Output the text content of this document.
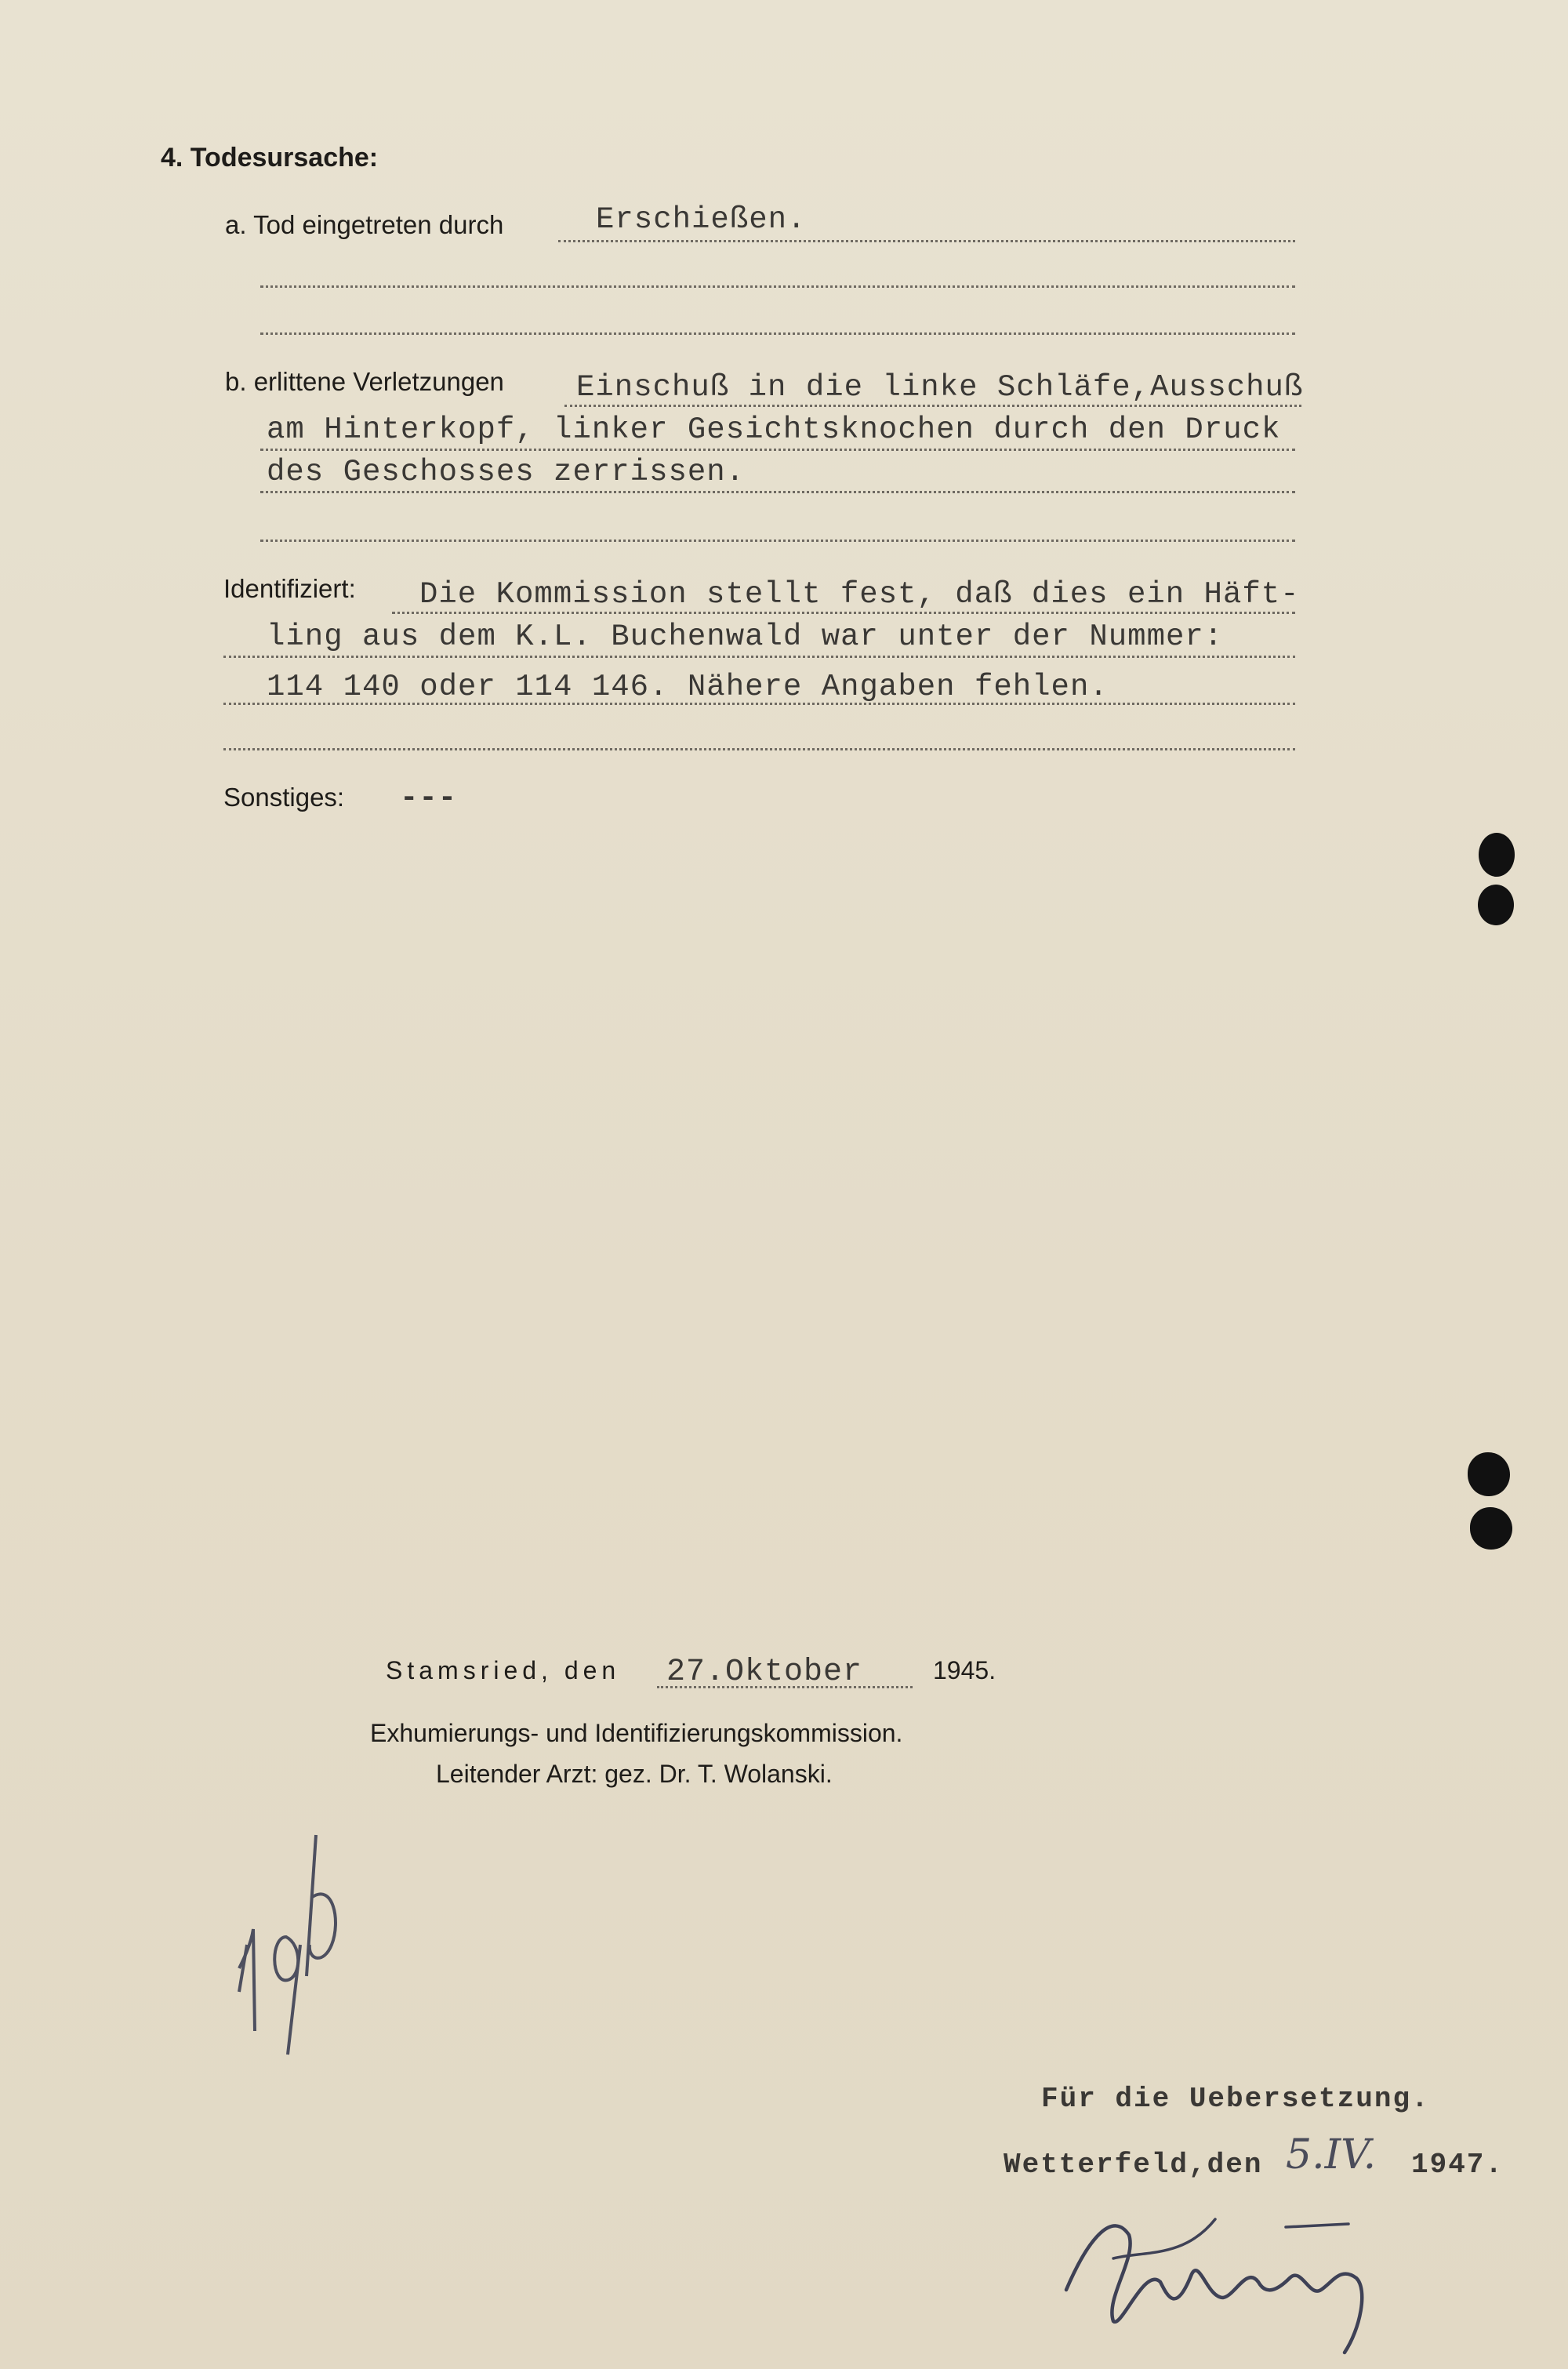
4. Todesursache:
a. Tod eingetreten durch	Erschießen.
b. erlittene Verletzungen Einschuß in die linke Schläfe,Ausschuß
am Hinterkopf, linker Gesichtsknochen durch den Druck
des Geschosses zerrissen.
Identifiziert: Die Kommission stellt fest, daß dies ein Häft-
ling aus dem K.L. Buchenwald war unter der Nummer:
114 140 oder 114 146. Nähere Angaben fehlen.
Sonstiges: ---
Stamsried, den 27.Oktober	1945.
Exhumierungs- und Identifizierungskommission.
Leitender Arzt: gez. Dr. T. Wolanski.
Für die Uebersetzung.
Wetterfeld,den 5.IV. 1947.
